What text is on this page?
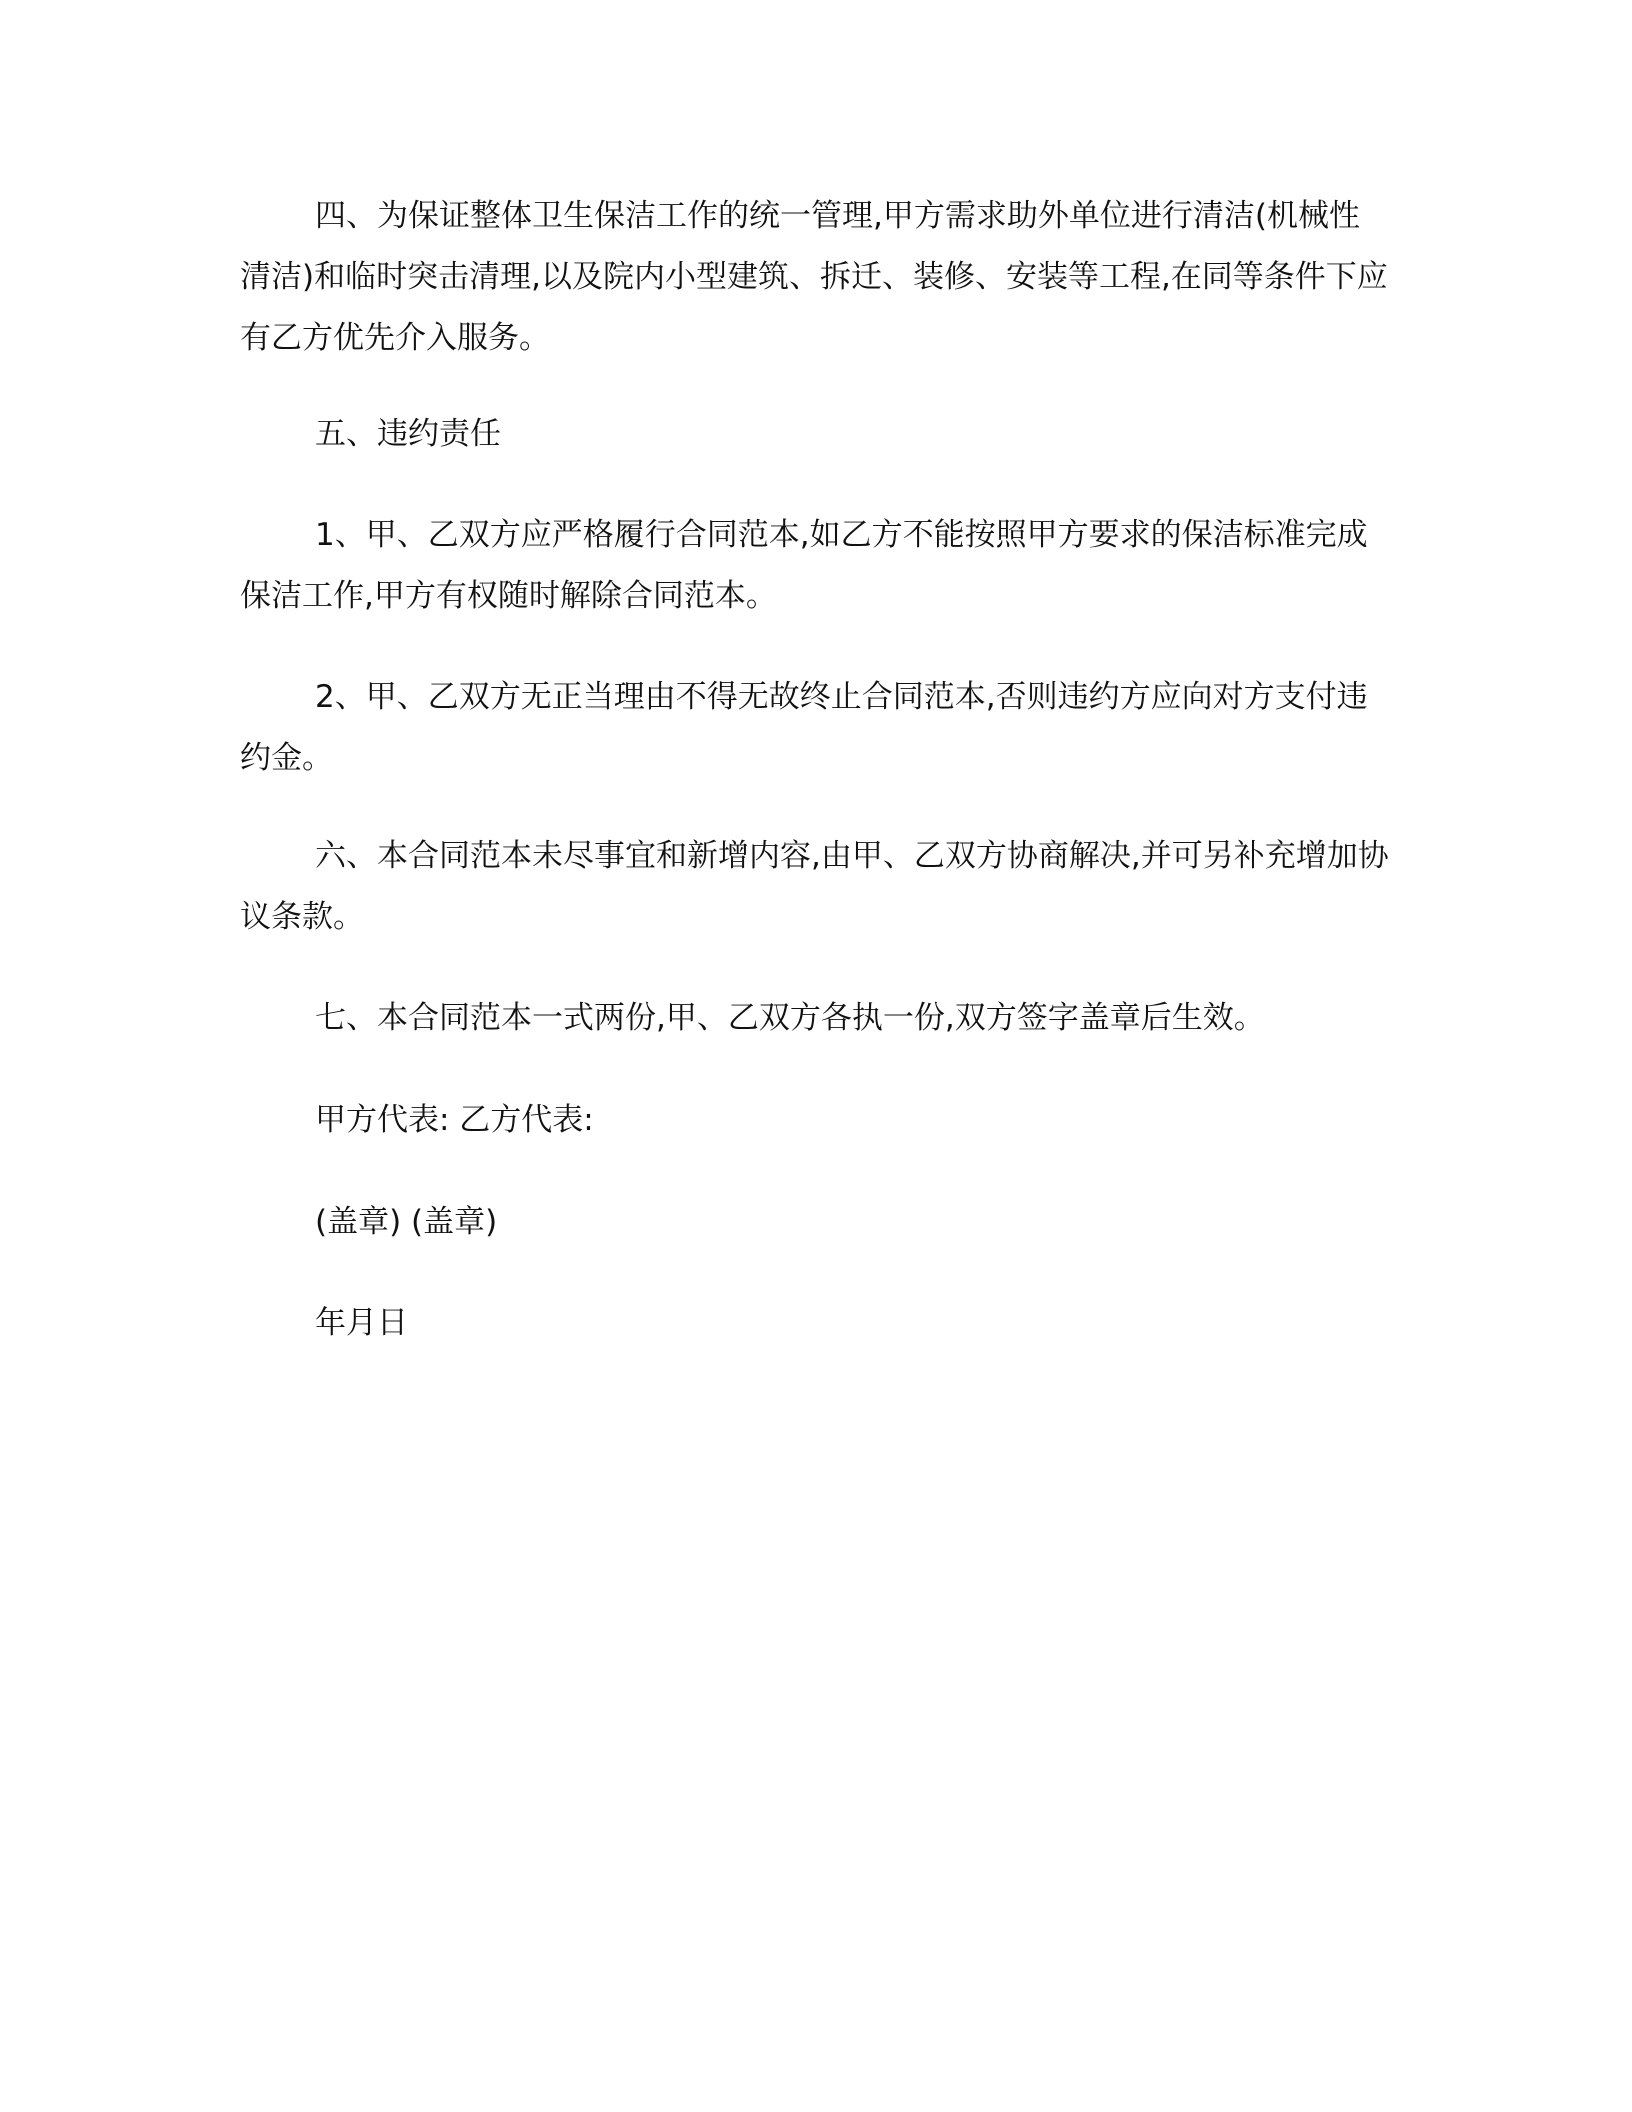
四、为保证整体卫生保洁工作的统一管理,甲方需求助外单位进行清洁(机械性清洁)和临时突击清理,以及院内小型建筑、拆迁、装修、安装等工程,在同等条件下应有乙方优先介入服务。

五、违约责任

1、甲、乙双方应严格履行合同范本,如乙方不能按照甲方要求的保洁标准完成保洁工作,甲方有权随时解除合同范本。

2、甲、乙双方无正当理由不得无故终止合同范本,否则违约方应向对方支付违约金。

六、本合同范本未尽事宜和新增内容,由甲、乙双方协商解决,并可另补充增加协议条款。

七、本合同范本一式两份,甲、乙双方各执一份,双方签字盖章后生效。

甲方代表: 乙方代表:

(盖章) (盖章)

年月日
